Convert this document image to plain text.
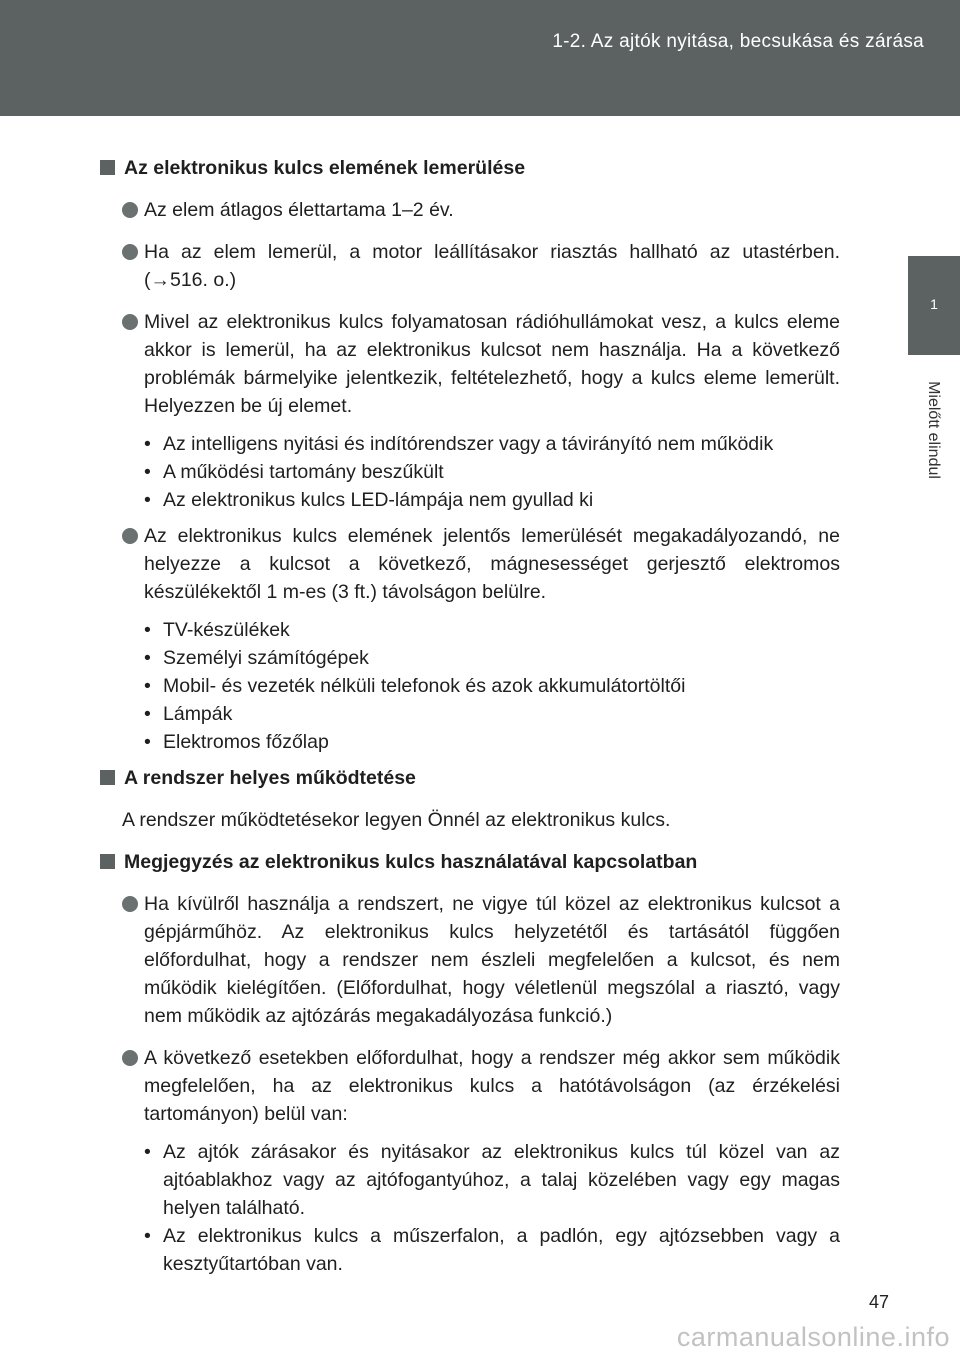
1-2. Az ajtók nyitása, becsukása és zárása
1
Mielőtt elindul
Az elektronikus kulcs elemének lemerülése
Az elem átlagos élettartama 1–2 év.
Ha az elem lemerül, a motor leállításakor riasztás hallható az utastérben. (→516. o.)
Mivel az elektronikus kulcs folyamatosan rádióhullámokat vesz, a kulcs eleme akkor is lemerül, ha az elektronikus kulcsot nem használja. Ha a következő problémák bármelyike jelentkezik, feltételezhető, hogy a kulcs eleme lemerült. Helyezzen be új elemet.
• Az intelligens nyitási és indítórendszer vagy a távirányító nem működik
• A működési tartomány beszűkült
• Az elektronikus kulcs LED-lámpája nem gyullad ki
Az elektronikus kulcs elemének jelentős lemerülését megakadályozandó, ne helyezze a kulcsot a következő, mágnesességet gerjesztő elektromos készülékektől 1 m-es (3 ft.) távolságon belülre.
• TV-készülékek
• Személyi számítógépek
• Mobil- és vezeték nélküli telefonok és azok akkumulátortöltői
• Lámpák
• Elektromos főzőlap
A rendszer helyes működtetése
A rendszer működtetésekor legyen Önnél az elektronikus kulcs.
Megjegyzés az elektronikus kulcs használatával kapcsolatban
Ha kívülről használja a rendszert, ne vigye túl közel az elektronikus kulcsot a gépjárműhöz. Az elektronikus kulcs helyzetétől és tartásától függően előfordulhat, hogy a rendszer nem észleli megfelelően a kulcsot, és nem működik kielégítően. (Előfordulhat, hogy véletlenül megszólal a riasztó, vagy nem működik az ajtózárás megakadályozása funkció.)
A következő esetekben előfordulhat, hogy a rendszer még akkor sem működik megfelelően, ha az elektronikus kulcs a hatótávolságon (az érzékelési tartományon) belül van:
• Az ajtók zárásakor és nyitásakor az elektronikus kulcs túl közel van az ajtóablakhoz vagy az ajtófogantyúhoz, a talaj közelében vagy egy magas helyen található.
• Az elektronikus kulcs a műszerfalon, a padlón, egy ajtózsebben vagy a kesztyűtartóban van.
47
carmanualsonline.info
